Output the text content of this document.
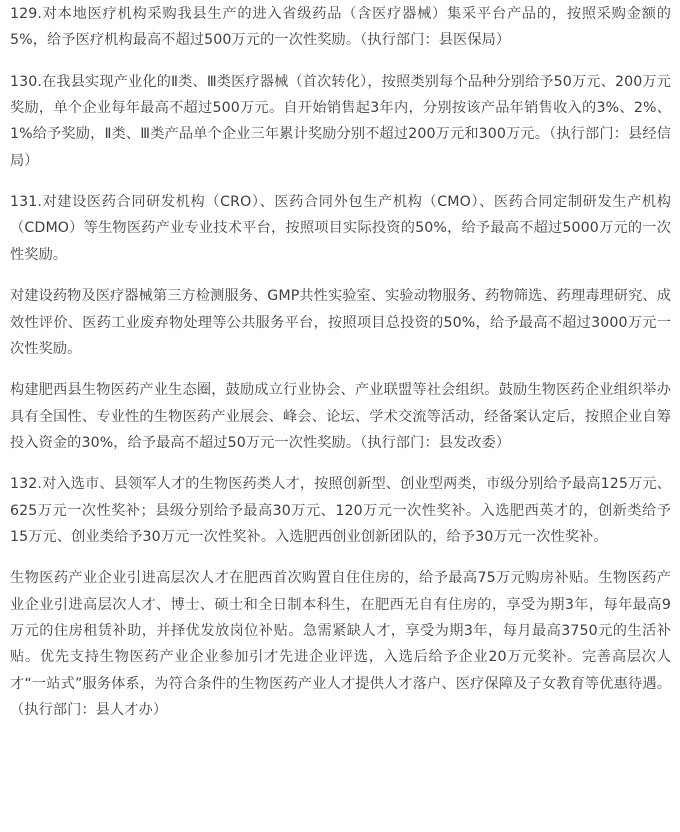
129.对本地医疗机构采购我县生产的进入省级药品（含医疗器械）集采平台产品的，按照采购金额的5%，给予医疗机构最高不超过500万元的一次性奖励。（执行部门：县医保局）

130.在我县实现产业化的Ⅱ类、Ⅲ类医疗器械（首次转化），按照类别每个品种分别给予50万元、200万元奖励，单个企业每年最高不超过500万元。自开始销售起3年内，分别按该产品年销售收入的3%、2%、1%给予奖励，Ⅱ类、Ⅲ类产品单个企业三年累计奖励分别不超过200万元和300万元。（执行部门：县经信局）

131.对建设医药合同研发机构（CRO）、医药合同外包生产机构（CMO）、医药合同定制研发生产机构（CDMO）等生物医药产业专业技术平台，按照项目实际投资的50%，给予最高不超过5000万元的一次性奖励。

对建设药物及医疗器械第三方检测服务、GMP共性实验室、实验动物服务、药物筛选、药理毒理研究、成效性评价、医药工业废弃物处理等公共服务平台，按照项目总投资的50%，给予最高不超过3000万元一次性奖励。

构建肥西县生物医药产业生态圈，鼓励成立行业协会、产业联盟等社会组织。鼓励生物医药企业组织举办具有全国性、专业性的生物医药产业展会、峰会、论坛、学术交流等活动，经备案认定后，按照企业自筹投入资金的30%，给予最高不超过50万元一次性奖励。（执行部门：县发改委）

132.对入选市、县领军人才的生物医药类人才，按照创新型、创业型两类，市级分别给予最高125万元、625万元一次性奖补；县级分别给予最高30万元、120万元一次性奖补。入选肥西英才的，创新类给予15万元、创业类给予30万元一次性奖补。入选肥西创业创新团队的，给予30万元一次性奖补。

生物医药产业企业引进高层次人才在肥西首次购置自住住房的，给予最高75万元购房补贴。生物医药产业企业引进高层次人才、博士、硕士和全日制本科生，在肥西无自有住房的，享受为期3年，每年最高9万元的住房租赁补助，并择优发放岗位补贴。急需紧缺人才，享受为期3年，每月最高3750元的生活补贴。优先支持生物医药产业企业参加引才先进企业评选，入选后给予企业20万元奖补。完善高层次人才“一站式”服务体系，为符合条件的生物医药产业人才提供人才落户、医疗保障及子女教育等优惠待遇。（执行部门：县人才办）
